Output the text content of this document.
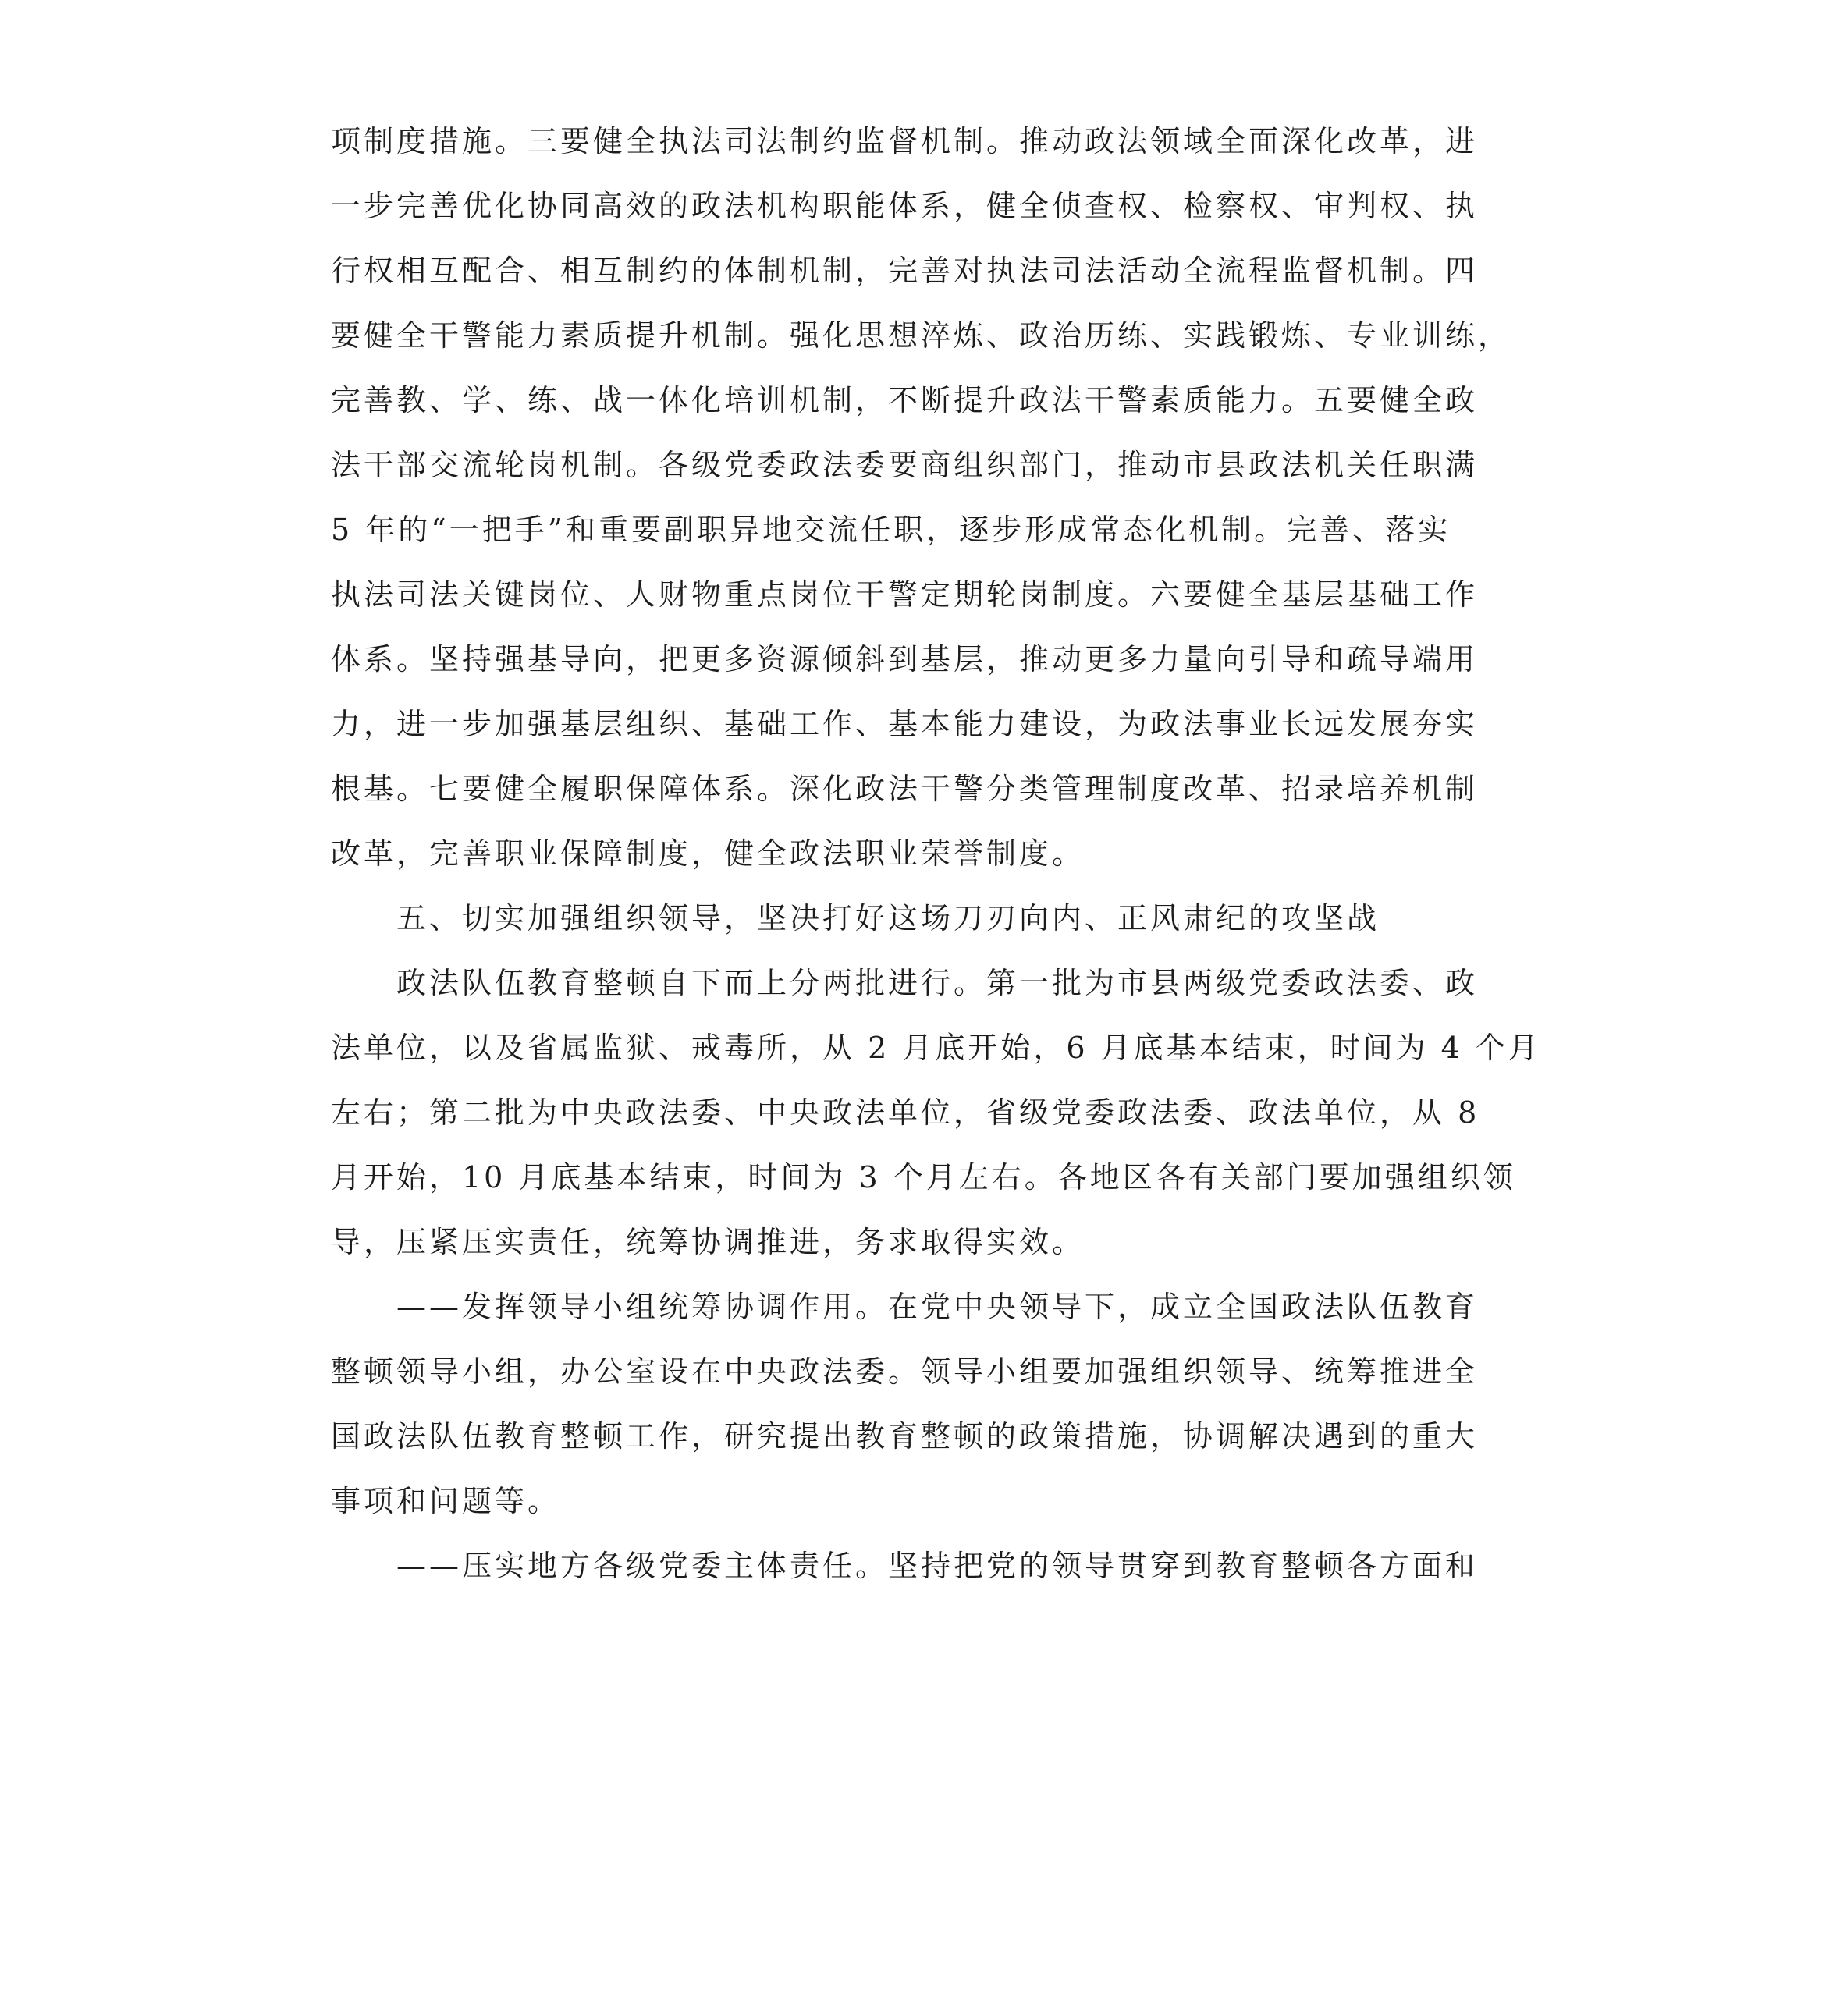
项制度措施。三要健全执法司法制约监督机制。推动政法领域全面深化改革，进
一步完善优化协同高效的政法机构职能体系，健全侦查权、检察权、审判权、执
行权相互配合、相互制约的体制机制，完善对执法司法活动全流程监督机制。四
要健全干警能力素质提升机制。强化思想淬炼、政治历练、实践锻炼、专业训练，
完善教、学、练、战一体化培训机制，不断提升政法干警素质能力。五要健全政
法干部交流轮岗机制。各级党委政法委要商组织部门，推动市县政法机关任职满
5 年的“一把手”和重要副职异地交流任职，逐步形成常态化机制。完善、落实
执法司法关键岗位、人财物重点岗位干警定期轮岗制度。六要健全基层基础工作
体系。坚持强基导向，把更多资源倾斜到基层，推动更多力量向引导和疏导端用
力，进一步加强基层组织、基础工作、基本能力建设，为政法事业长远发展夯实
根基。七要健全履职保障体系。深化政法干警分类管理制度改革、招录培养机制
改革，完善职业保障制度，健全政法职业荣誉制度。
五、切实加强组织领导，坚决打好这场刀刃向内、正风肃纪的攻坚战
政法队伍教育整顿自下而上分两批进行。第一批为市县两级党委政法委、政
法单位，以及省属监狱、戒毒所，从 2 月底开始，6 月底基本结束，时间为 4 个月
左右；第二批为中央政法委、中央政法单位，省级党委政法委、政法单位，从 8
月开始，10 月底基本结束，时间为 3 个月左右。各地区各有关部门要加强组织领
导，压紧压实责任，统筹协调推进，务求取得实效。
——发挥领导小组统筹协调作用。在党中央领导下，成立全国政法队伍教育
整顿领导小组，办公室设在中央政法委。领导小组要加强组织领导、统筹推进全
国政法队伍教育整顿工作，研究提出教育整顿的政策措施，协调解决遇到的重大
事项和问题等。
——压实地方各级党委主体责任。坚持把党的领导贯穿到教育整顿各方面和
